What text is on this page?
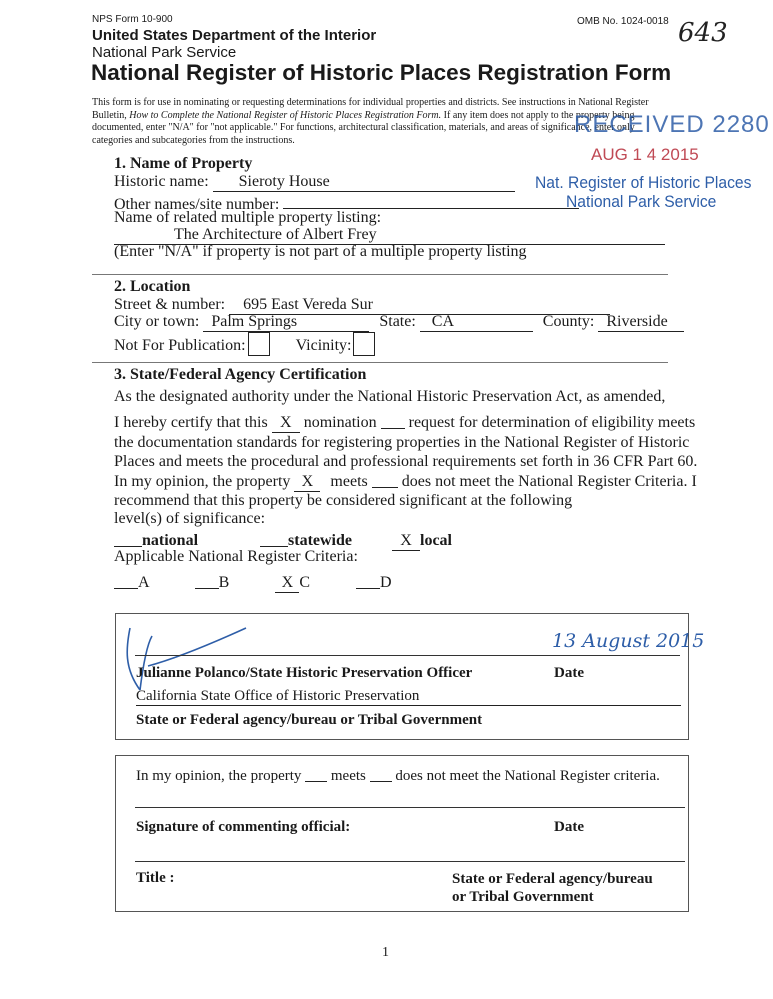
NPS Form 10-900	OMB No. 1024-0018 643
United States Department of the Interior
National Park Service
National Register of Historic Places Registration Form
This form is for use in nominating or requesting determinations for individual properties and districts. See instructions in National Register
Bulletin, How to Complete the National Register of Historic Places Registration Form. If any item does not apply to the property being
documented, enter "N/A" for "not applicable." For functions, architectural classification, materials, and areas of significance, enter only
categories and subcategories from the instructions.
RECEIVED 2280
AUG 1 4 2015
Nat. Register of Historic Places
National Park Service
1. Name of Property
Historic name: Sieroty House
Other names/site number:
Name of related multiple property listing:
The Architecture of Albert Frey
(Enter "N/A" if property is not part of a multiple property listing
2. Location
Street & number: 695 East Vereda Sur
City or town: Palm Springs	State: CA	County: Riverside
Not For Publication:	Vicinity:
3. State/Federal Agency Certification
As the designated authority under the National Historic Preservation Act, as amended,
I hereby certify that this X nomination request for determination of eligibility meets
the documentation standards for registering properties in the National Register of Historic
Places and meets the procedural and professional requirements set forth in 36 CFR Part 60.
In my opinion, the property X meets does not meet the National Register Criteria. I
recommend that this property be considered significant at the following
level(s) of significance:
national	statewide	X local
Applicable National Register Criteria:
A	B	X C	D
13 August 2015
Julianne Polanco/State Historic Preservation Officer	Date
California State Office of Historic Preservation
State or Federal agency/bureau or Tribal Government
In my opinion, the property meets does not meet the National Register criteria.
Signature of commenting official:	Date
Title :	State or Federal agency/bureau
or Tribal Government
1
